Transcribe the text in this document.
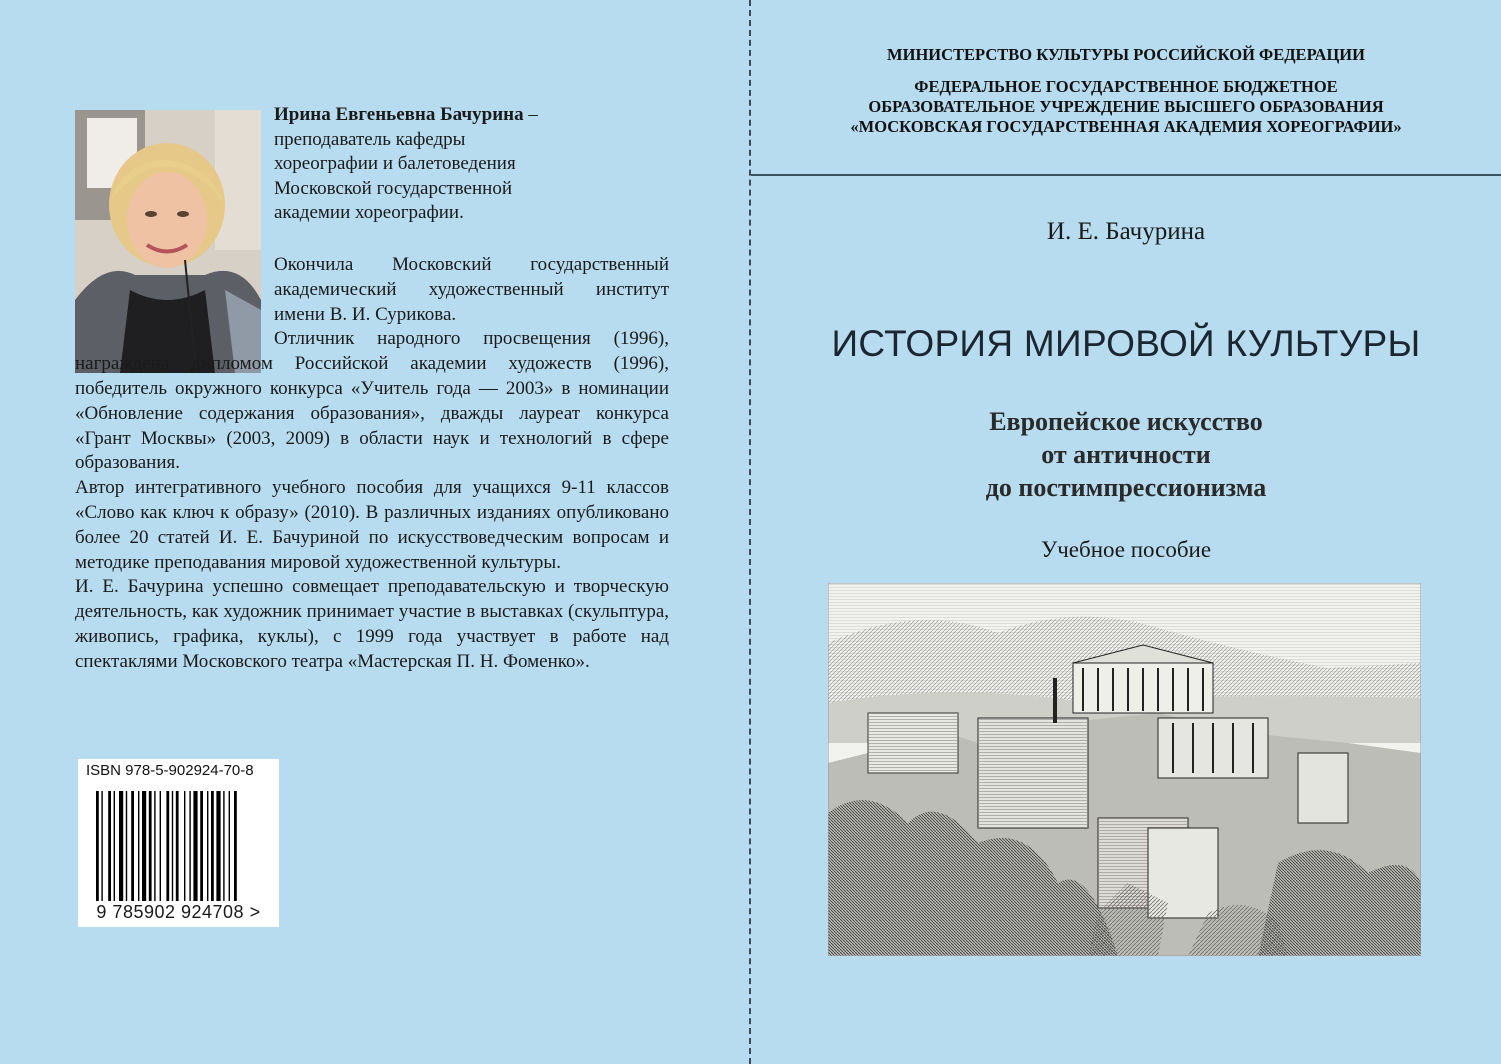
Ирина Евгеньевна Бачурина –
преподаватель кафедры
хореографии и балетоведения
Московской государственной
академии хореографии.

Окончила Московский государственный академический художественный институт имени В. И. Сурикова.

Отличник народного просвещения (1996), награждена дипломом Российской академии художеств (1996), победитель окружного конкурса «Учитель года — 2003» в номинации «Обновление содержания образования», дважды лауреат конкурса «Грант Москвы» (2003, 2009) в области наук и технологий в сфере образования.

Автор интегративного учебного пособия для учащихся 9-11 классов «Слово как ключ к образу» (2010). В различных изданиях опубликовано более 20 статей И. Е. Бачуриной по искусствоведческим вопросам и методике преподавания мировой художественной культуры.

И. Е. Бачурина успешно совмещает преподавательскую и творческую деятельность, как художник принимает участие в выставках (скульптура, живопись, графика, куклы), с 1999 года участвует в работе над спектаклями Московского театра «Мастерская П. Н. Фоменко».

ISBN 978-5-902924-70-8
9 785902 924708 >
МИНИСТЕРСТВО КУЛЬТУРЫ РОССИЙСКОЙ ФЕДЕРАЦИИ
ФЕДЕРАЛЬНОЕ ГОСУДАРСТВЕННОЕ БЮДЖЕТНОЕ
ОБРАЗОВАТЕЛЬНОЕ УЧРЕЖДЕНИЕ ВЫСШЕГО ОБРАЗОВАНИЯ
«МОСКОВСКАЯ ГОСУДАРСТВЕННАЯ АКАДЕМИЯ ХОРЕОГРАФИИ»
И. Е. Бачурина
ИСТОРИЯ МИРОВОЙ КУЛЬТУРЫ
Европейское искусство
от античности
до постимпрессионизма
Учебное пособие
